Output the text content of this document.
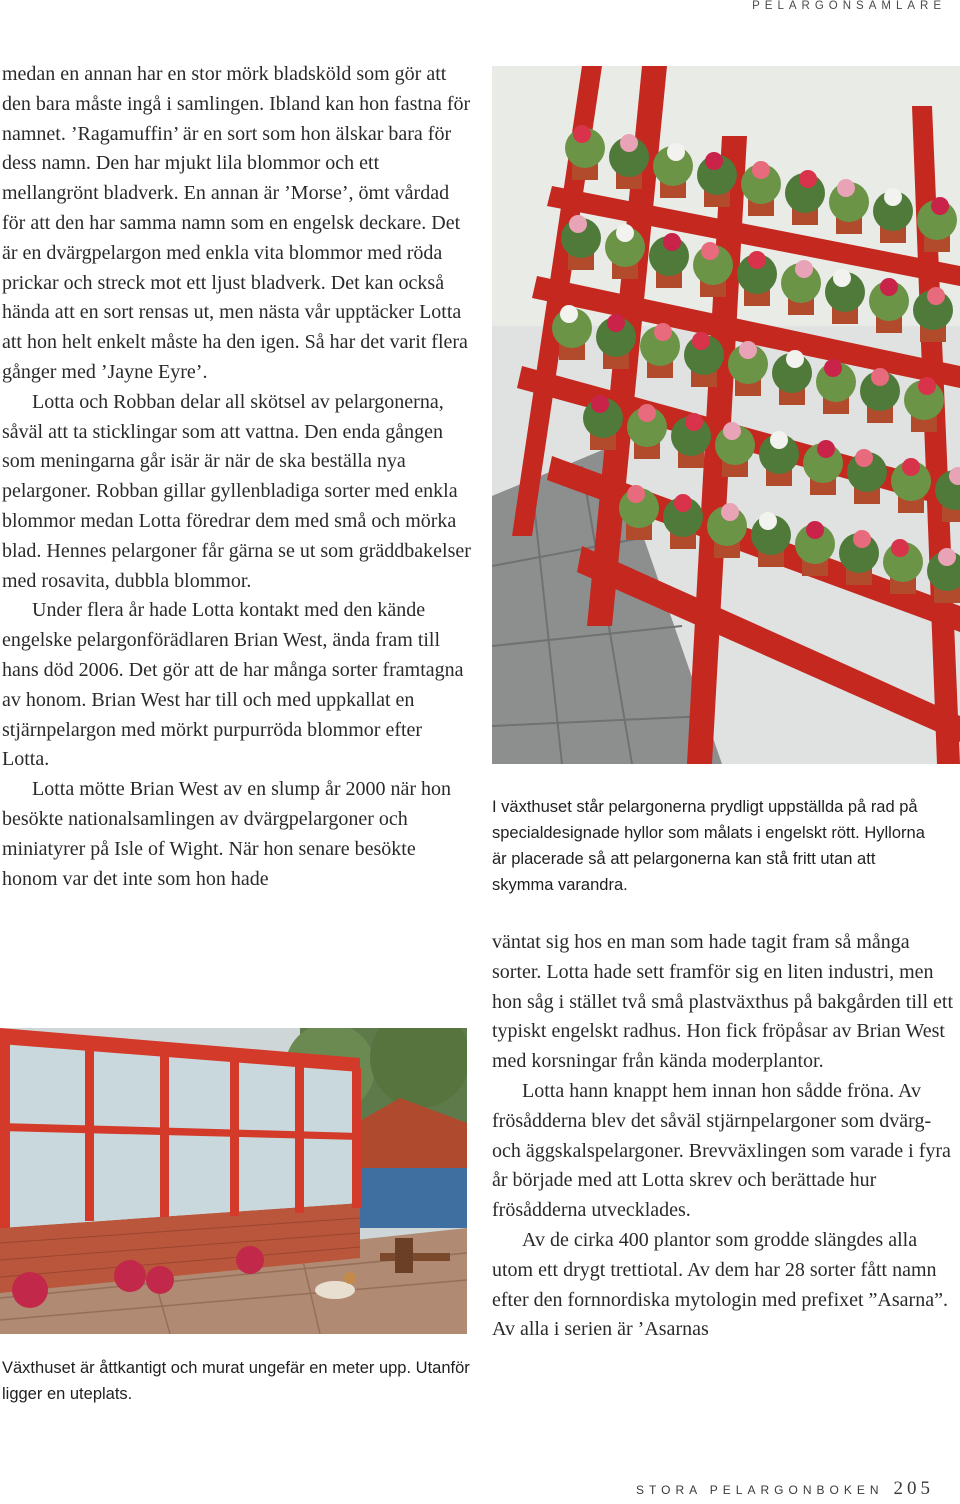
PELARGONSAMLARE

medan en annan har en stor mörk bladsköld som gör att den bara måste ingå i samlingen. Ibland kan hon fastna för namnet. ’Ragamuffin’ är en sort som hon älskar bara för dess namn. Den har mjukt lila blommor och ett mellangrönt bladverk. En annan är ’Morse’, ömt vårdad för att den har samma namn som en engelsk deckare. Det är en dvärgpelargon med enkla vita blommor med röda prickar och streck mot ett ljust bladverk. Det kan också hända att en sort rensas ut, men nästa vår upptäcker Lotta att hon helt enkelt måste ha den igen. Så har det varit flera gånger med ’Jayne Eyre’.

Lotta och Robban delar all skötsel av pelargonerna, såväl att ta sticklingar som att vattna. Den enda gången som meningarna går isär är när de ska beställa nya pelargoner. Robban gillar gyllenbladiga sorter med enkla blommor medan Lotta föredrar dem med små och mörka blad. Hennes pelargoner får gärna se ut som gräddbakelser med rosavita, dubbla blommor.

Under flera år hade Lotta kontakt med den kände engelske pelargonförädlaren Brian West, ända fram till hans död 2006. Det gör att de har många sorter framtagna av honom. Brian West har till och med uppkallat en stjärnpelargon med mörkt purpurröda blommor efter Lotta.

Lotta mötte Brian West av en slump år 2000 när hon besökte nationalsamlingen av dvärgpelargoner och miniatyrer på Isle of Wight. När hon senare besökte honom var det inte som hon hade

I växthuset står pelargonerna prydligt uppställda på rad på specialdesignade hyllor som målats i engelskt rött. Hyllorna är placerade så att pelargonerna kan stå fritt utan att skymma varandra.

väntat sig hos en man som hade tagit fram så många sorter. Lotta hade sett framför sig en liten industri, men hon såg i stället två små plastväxthus på bakgården till ett typiskt engelskt radhus. Hon fick fröpåsar av Brian West med korsningar från kända moderplantor.

Lotta hann knappt hem innan hon sådde fröna. Av frösådderna blev det såväl stjärnpelargoner som dvärg- och äggskalspelargoner. Brevväxlingen som varade i fyra år började med att Lotta skrev och berättade hur frösådderna utvecklades.

Av de cirka 400 plantor som grodde slängdes alla utom ett drygt trettiotal. Av dem har 28 sorter fått namn efter den fornnordiska mytologin med prefixet ”Asarna”. Av alla i serien är ’Asarnas

Växthuset är åttkantigt och murat ungefär en meter upp. Utanför ligger en uteplats.
STORA PELARGONBOKEN 205
